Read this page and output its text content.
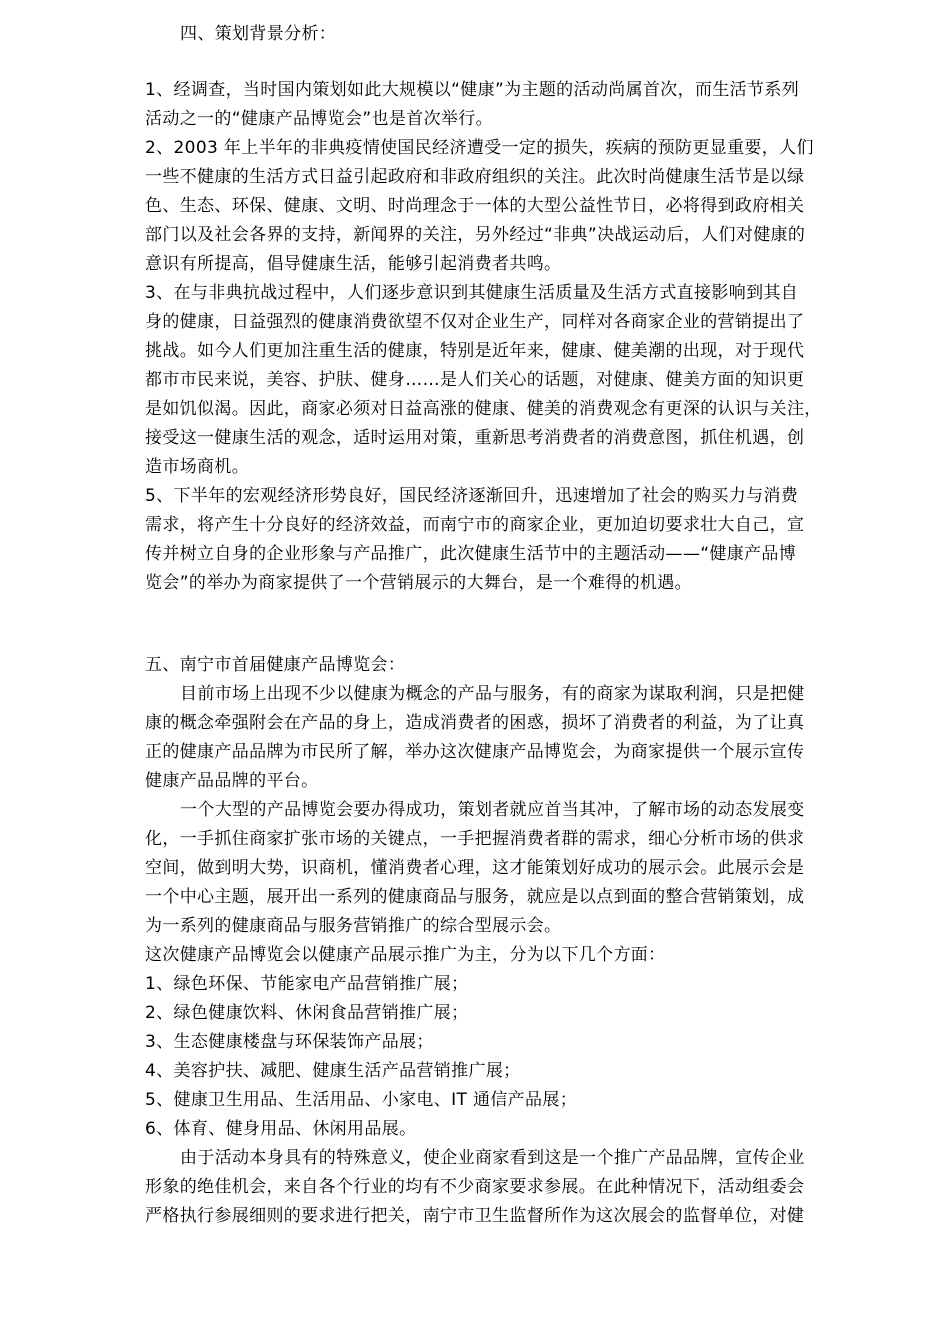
四、策划背景分析：
1、经调查，当时国内策划如此大规模以“健康”为主题的活动尚属首次，而生活节系列
活动之一的“健康产品博览会”也是首次举行。
2、2003 年上半年的非典疫情使国民经济遭受一定的损失，疾病的预防更显重要，人们
一些不健康的生活方式日益引起政府和非政府组织的关注。此次时尚健康生活节是以绿
色、生态、环保、健康、文明、时尚理念于一体的大型公益性节日，必将得到政府相关
部门以及社会各界的支持，新闻界的关注，另外经过“非典”决战运动后，人们对健康的
意识有所提高，倡导健康生活，能够引起消费者共鸣。
3、在与非典抗战过程中，人们逐步意识到其健康生活质量及生活方式直接影响到其自
身的健康，日益强烈的健康消费欲望不仅对企业生产，同样对各商家企业的营销提出了
挑战。如今人们更加注重生活的健康，特别是近年来，健康、健美潮的出现，对于现代
都市市民来说，美容、护肤、健身……是人们关心的话题，对健康、健美方面的知识更
是如饥似渴。因此，商家必须对日益高涨的健康、健美的消费观念有更深的认识与关注，
接受这一健康生活的观念，适时运用对策，重新思考消费者的消费意图，抓住机遇，创
造市场商机。
5、下半年的宏观经济形势良好，国民经济逐渐回升，迅速增加了社会的购买力与消费
需求，将产生十分良好的经济效益，而南宁市的商家企业，更加迫切要求壮大自己，宣
传并树立自身的企业形象与产品推广，此次健康生活节中的主题活动——“健康产品博
览会”的举办为商家提供了一个营销展示的大舞台，是一个难得的机遇。
五、南宁市首届健康产品博览会：
目前市场上出现不少以健康为概念的产品与服务，有的商家为谋取利润，只是把健
康的概念牵强附会在产品的身上，造成消费者的困惑，损坏了消费者的利益，为了让真
正的健康产品品牌为市民所了解，举办这次健康产品博览会，为商家提供一个展示宣传
健康产品品牌的平台。
一个大型的产品博览会要办得成功，策划者就应首当其冲，了解市场的动态发展变
化，一手抓住商家扩张市场的关键点，一手把握消费者群的需求，细心分析市场的供求
空间，做到明大势，识商机，懂消费者心理，这才能策划好成功的展示会。此展示会是
一个中心主题，展开出一系列的健康商品与服务，就应是以点到面的整合营销策划，成
为一系列的健康商品与服务营销推广的综合型展示会。
这次健康产品博览会以健康产品展示推广为主，分为以下几个方面：
1、绿色环保、节能家电产品营销推广展；
2、绿色健康饮料、休闲食品营销推广展；
3、生态健康楼盘与环保装饰产品展；
4、美容护扶、减肥、健康生活产品营销推广展；
5、健康卫生用品、生活用品、小家电、IT 通信产品展；
6、体育、健身用品、休闲用品展。
由于活动本身具有的特殊意义，使企业商家看到这是一个推广产品品牌，宣传企业
形象的绝佳机会，来自各个行业的均有不少商家要求参展。在此种情况下，活动组委会
严格执行参展细则的要求进行把关，南宁市卫生监督所作为这次展会的监督单位，对健
